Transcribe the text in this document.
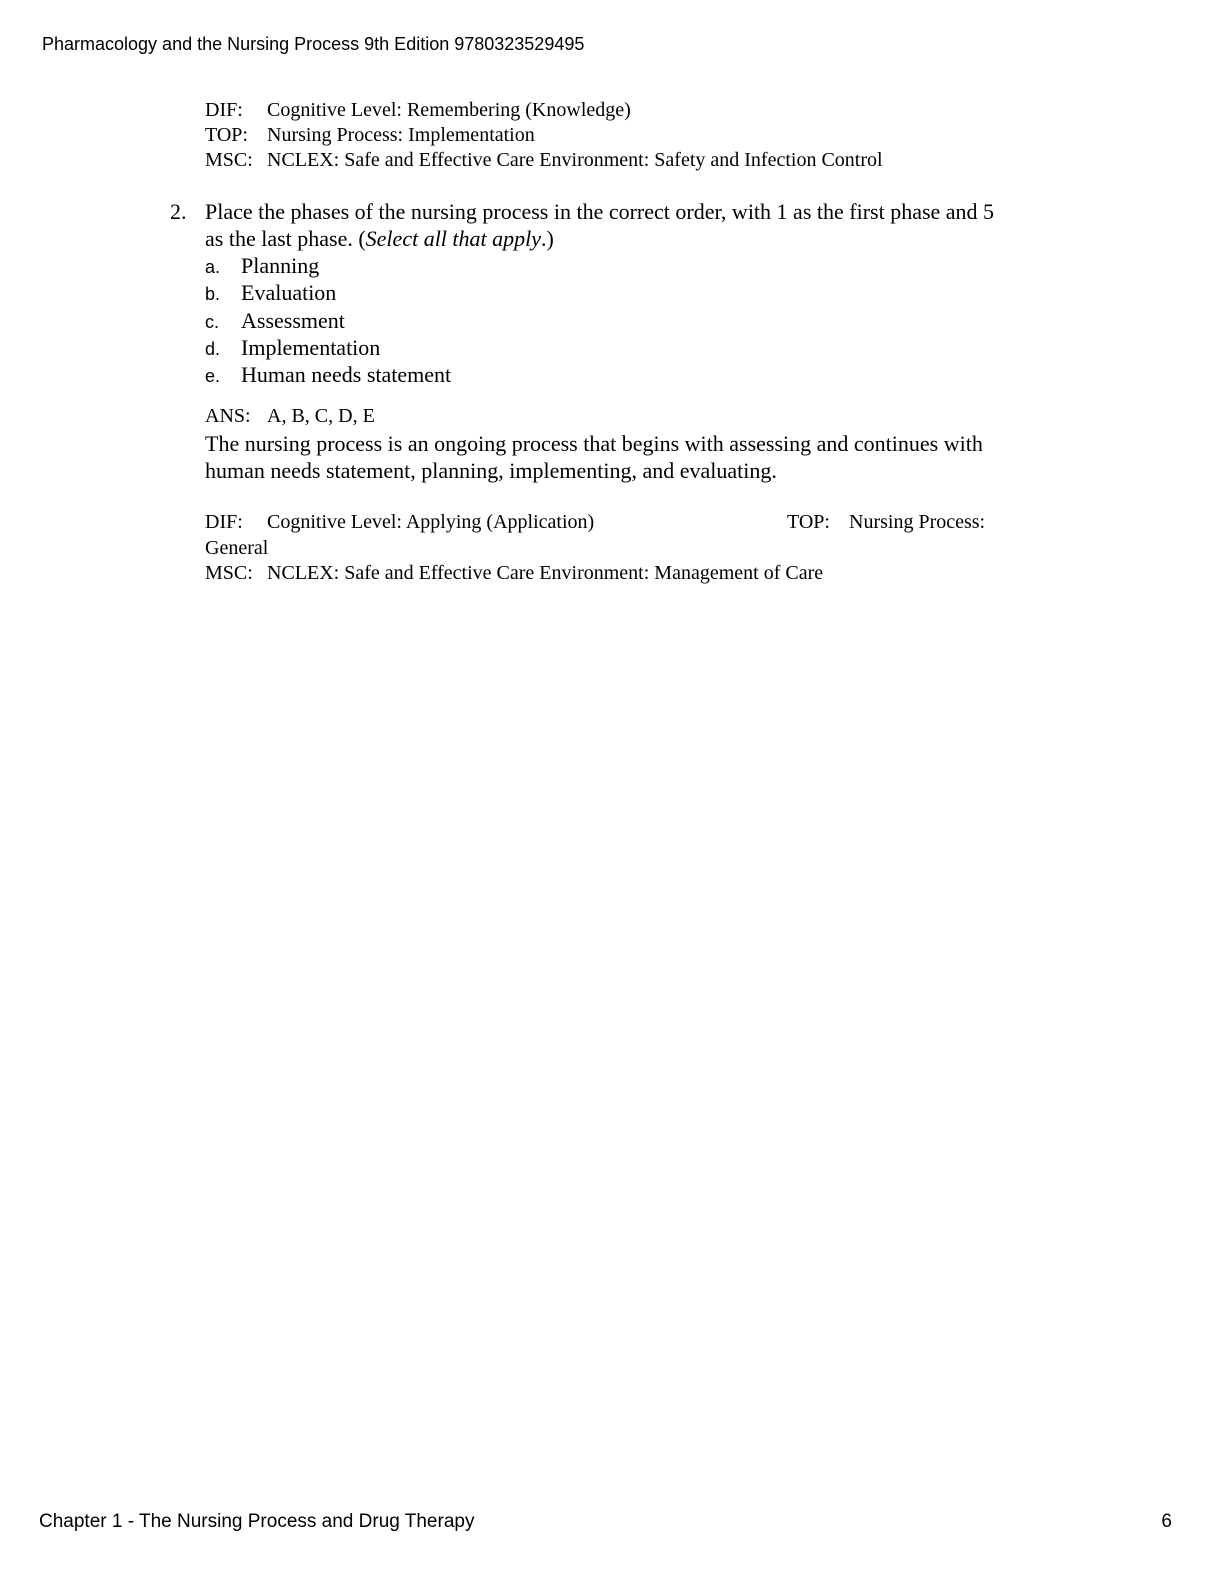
Pharmacology and the Nursing Process 9th Edition 9780323529495
DIF: Cognitive Level: Remembering (Knowledge)
TOP: Nursing Process: Implementation
MSC: NCLEX: Safe and Effective Care Environment: Safety and Infection Control
2. Place the phases of the nursing process in the correct order, with 1 as the first phase and 5
as the last phase. (Select all that apply.)
a. Planning
b. Evaluation
c. Assessment
d. Implementation
e. Human needs statement
ANS: A, B, C, D, E
The nursing process is an ongoing process that begins with assessing and continues with
human needs statement, planning, implementing, and evaluating.
DIF: Cognitive Level: Applying (Application)	TOP: Nursing Process:
General
MSC: NCLEX: Safe and Effective Care Environment: Management of Care
Chapter 1 - The Nursing Process and Drug Therapy	6
